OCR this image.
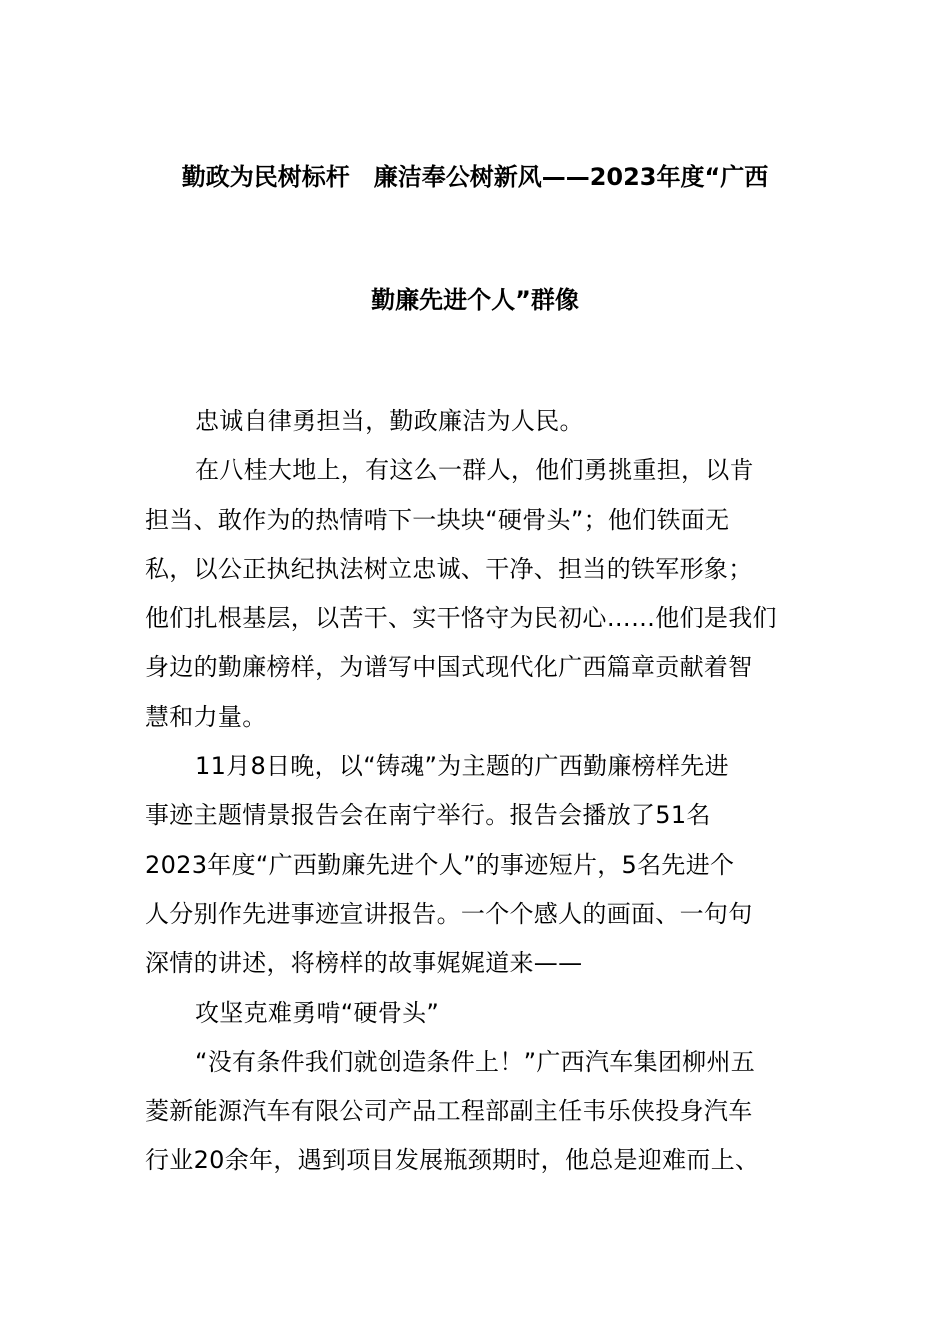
勤政为民树标杆　廉洁奉公树新风——2023年度“广西
勤廉先进个人”群像

忠诚自律勇担当，勤政廉洁为人民。

在八桂大地上，有这么一群人，他们勇挑重担，以肯
担当、敢作为的热情啃下一块块“硬骨头”；他们铁面无
私，以公正执纪执法树立忠诚、干净、担当的铁军形象；
他们扎根基层，以苦干、实干恪守为民初心……他们是我们
身边的勤廉榜样，为谱写中国式现代化广西篇章贡献着智
慧和力量。

11月8日晚，以“铸魂”为主题的广西勤廉榜样先进
事迹主题情景报告会在南宁举行。报告会播放了51名
2023年度“广西勤廉先进个人”的事迹短片，5名先进个
人分别作先进事迹宣讲报告。一个个感人的画面、一句句
深情的讲述，将榜样的故事娓娓道来——

攻坚克难勇啃“硬骨头”

“没有条件我们就创造条件上！”广西汽车集团柳州五
菱新能源汽车有限公司产品工程部副主任韦乐侠投身汽车
行业20余年，遇到项目发展瓶颈期时，他总是迎难而上、
